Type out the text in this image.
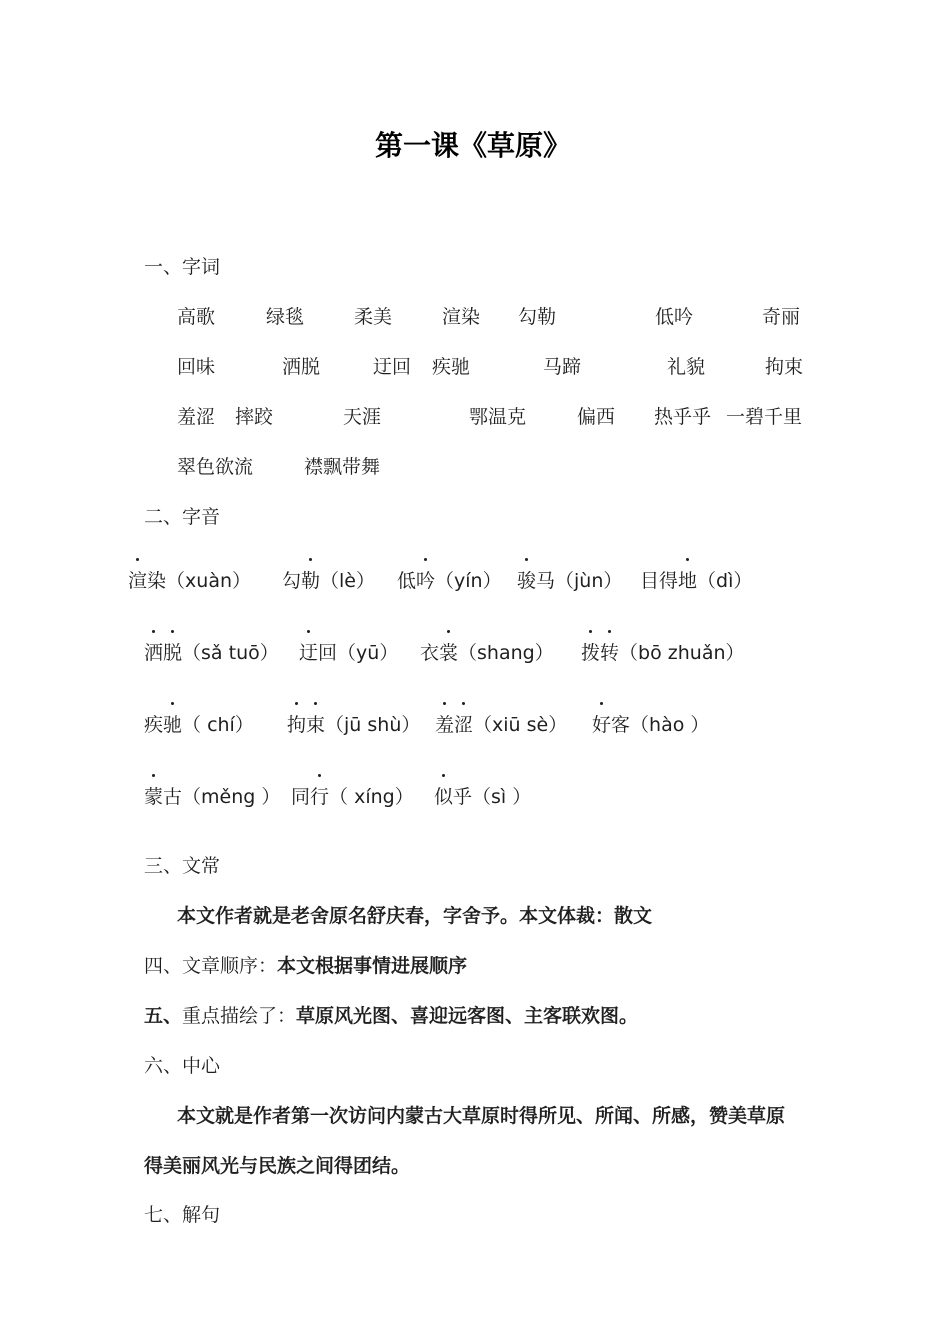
第一课《草原》
一、字词
高歌	绿毯	柔美	渲染 勾勒	低吟	奇丽
回味	洒脱	迂回 疾驰	马蹄	礼貌	拘束
羞涩 摔跤	天涯	鄂温克	偏西 热乎乎 一碧千里
翠色欲流	襟飘带舞
二、字音
渲染（xuàn） 勾勒（lè） 低吟（yín） 骏马（jùn） 目得地（dì）
洒脱（sǎ tuō） 迂回（yū） 衣裳（shang） 拨转（bō zhuǎn）
疾驰（ chí） 拘束（jū shù） 羞涩（xiū sè） 好客（hào ）
蒙古（měng ） 同行（ xíng） 似乎（sì ）
三、文常
本文作者就是老舍原名舒庆春，字舍予。本文体裁：散文
四、文章顺序：本文根据事情进展顺序
五、重点描绘了：草原风光图、喜迎远客图、主客联欢图。
六、中心
本文就是作者第一次访问内蒙古大草原时得所见、所闻、所感，赞美草原
得美丽风光与民族之间得团结。
七、解句
